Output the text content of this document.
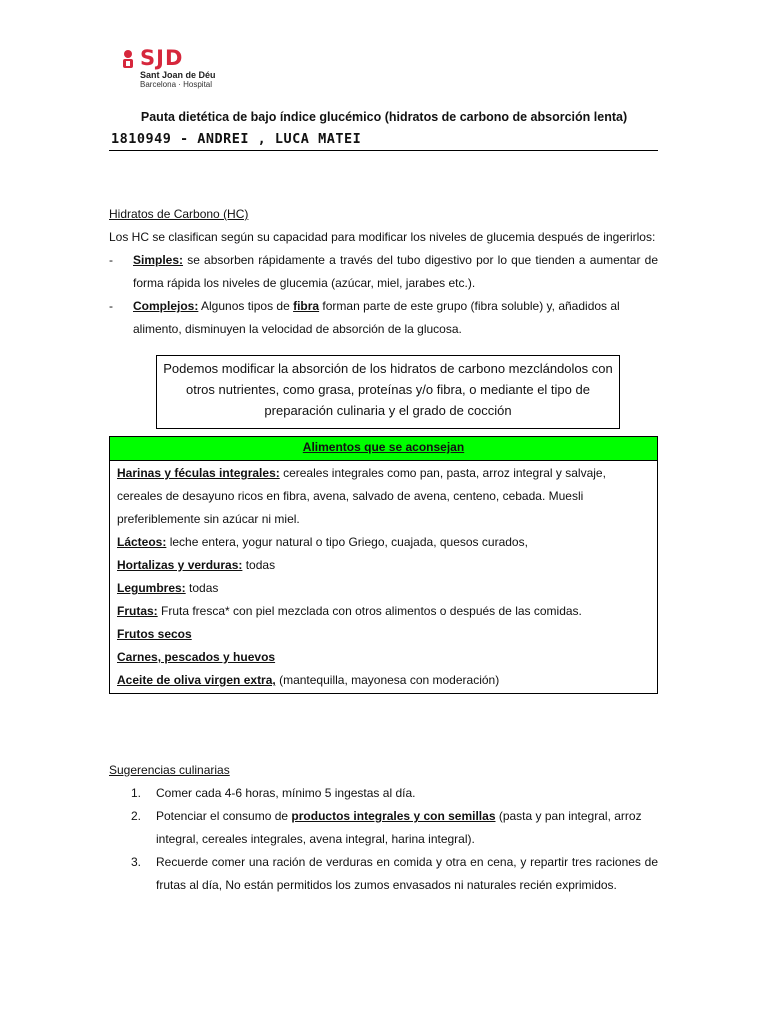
SJD
Sant Joan de Déu
Barcelona · Hospital
Pauta dietética de bajo índice glucémico (hidratos de carbono de absorción lenta)
1810949 - ANDREI , LUCA MATEI
Hidratos de Carbono (HC)
Los HC se clasifican según su capacidad para modificar los niveles de glucemia después de ingerirlos:
- Simples: se absorben rápidamente a través del tubo digestivo por lo que tienden a aumentar de forma rápida los niveles de glucemia (azúcar, miel, jarabes etc.).
- Complejos: Algunos tipos de fibra forman parte de este grupo (fibra soluble) y, añadidos al alimento, disminuyen la velocidad de absorción de la glucosa.
Podemos modificar la absorción de los hidratos de carbono mezclándolos con otros nutrientes, como grasa, proteínas y/o fibra, o mediante el tipo de preparación culinaria y el grado de cocción
Alimentos que se aconsejan
Harinas y féculas integrales: cereales integrales como pan, pasta, arroz integral y salvaje, cereales de desayuno ricos en fibra, avena, salvado de avena, centeno, cebada. Muesli preferiblemente sin azúcar ni miel.
Lácteos: leche entera, yogur natural o tipo Griego, cuajada, quesos curados,
Hortalizas y verduras: todas
Legumbres: todas
Frutas: Fruta fresca* con piel mezclada con otros alimentos o después de las comidas.
Frutos secos
Carnes, pescados y huevos
Aceite de oliva virgen extra, (mantequilla, mayonesa con moderación)
Sugerencias culinarias
1. Comer cada 4-6 horas, mínimo 5 ingestas al día.
2. Potenciar el consumo de productos integrales y con semillas (pasta y pan integral, arroz integral, cereales integrales, avena integral, harina integral).
3. Recuerde comer una ración de verduras en comida y otra en cena, y repartir tres raciones de frutas al día, No están permitidos los zumos envasados ni naturales recién exprimidos.
